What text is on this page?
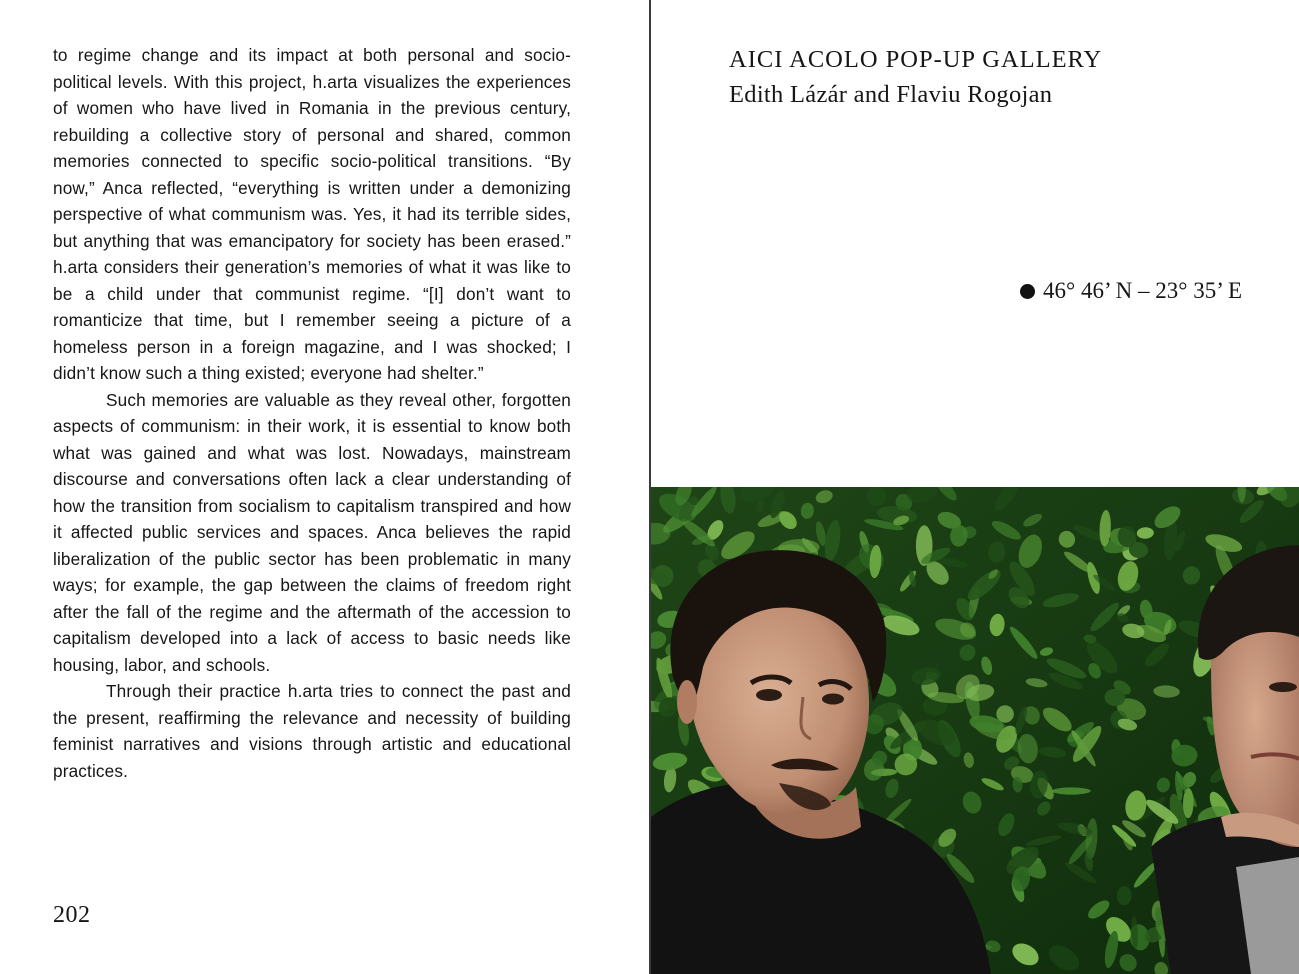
to regime change and its impact at both personal and socio-political levels. With this project, h.arta visualizes the experiences of women who have lived in Romania in the previous century, rebuilding a collective story of personal and shared, common memories connected to specific socio-political transitions. “By now,” Anca reflected, “everything is written under a demonizing perspective of what communism was. Yes, it had its terrible sides, but anything that was emancipatory for society has been erased.” h.arta considers their generation’s memories of what it was like to be a child under that communist regime. “[I] don’t want to romanticize that time, but I remember seeing a picture of a homeless person in a foreign magazine, and I was shocked; I didn’t know such a thing existed; everyone had shelter.”

Such memories are valuable as they reveal other, forgotten aspects of communism: in their work, it is essential to know both what was gained and what was lost. Nowadays, mainstream discourse and conversations often lack a clear understanding of how the transition from socialism to capitalism transpired and how it affected public services and spaces. Anca believes the rapid liberalization of the public sector has been problematic in many ways; for example, the gap between the claims of freedom right after the fall of the regime and the aftermath of the accession to capitalism developed into a lack of access to basic needs like housing, labor, and schools.

Through their practice h.arta tries to connect the past and the present, reaffirming the relevance and necessity of building feminist narratives and visions through artistic and educational practices.

202
AICI ACOLO POP-UP GALLERY
Edith Lázár and Flaviu Rogojan
46° 46’ N – 23° 35’ E
